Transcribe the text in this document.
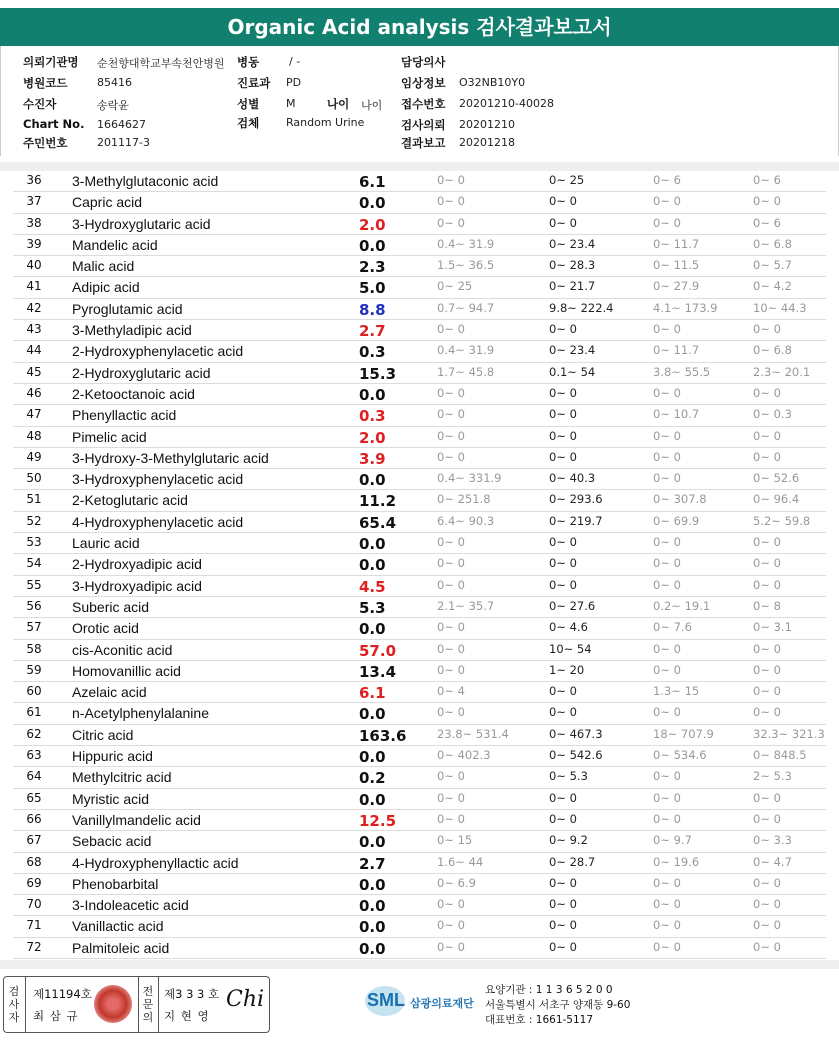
Organic Acid analysis 검사결과보고서
의뢰기관명 순천향대학교부속천안병원 병동	/ -	담당의사
병원코드	85416	진료과 PD	임상정보 O32NB10Y0
수진자	송락윤	성별 M	나이 나이 접수번호 20201210-40028
Chart No. 1664627	검체 Random Urine	검사의뢰 20201210
주민번호	201117-3	결과보고 20201218
36	3-Methylglutaconic acid	6.1	0~ 0	0~ 25	0~ 6	0~ 6
37	Capric acid	0.0	0~ 0	0~ 0	0~ 0	0~ 0
38	3-Hydroxyglutaric acid	2.0	0~ 0	0~ 0	0~ 0	0~ 6
39	Mandelic acid	0.0	0.4~ 31.9	0~ 23.4	0~ 11.7	0~ 6.8
40	Malic acid	2.3	1.5~ 36.5	0~ 28.3	0~ 11.5	0~ 5.7
41	Adipic acid	5.0	0~ 25	0~ 21.7	0~ 27.9	0~ 4.2
42	Pyroglutamic acid	8.8	0.7~ 94.7	9.8~ 222.4	4.1~ 173.9	10~ 44.3
43	3-Methyladipic acid	2.7	0~ 0	0~ 0	0~ 0	0~ 0
44	2-Hydroxyphenylacetic acid	0.3	0.4~ 31.9	0~ 23.4	0~ 11.7	0~ 6.8
45	2-Hydroxyglutaric acid	15.3	1.7~ 45.8	0.1~ 54	3.8~ 55.5	2.3~ 20.1
46	2-Ketooctanoic acid	0.0	0~ 0	0~ 0	0~ 0	0~ 0
47	Phenyllactic acid	0.3	0~ 0	0~ 0	0~ 10.7	0~ 0.3
48	Pimelic acid	2.0	0~ 0	0~ 0	0~ 0	0~ 0
49	3-Hydroxy-3-Methylglutaric acid	3.9	0~ 0	0~ 0	0~ 0	0~ 0
50	3-Hydroxyphenylacetic acid	0.0	0.4~ 331.9	0~ 40.3	0~ 0	0~ 52.6
51	2-Ketoglutaric acid	11.2	0~ 251.8	0~ 293.6	0~ 307.8	0~ 96.4
52	4-Hydroxyphenylacetic acid	65.4	6.4~ 90.3	0~ 219.7	0~ 69.9	5.2~ 59.8
53	Lauric acid	0.0	0~ 0	0~ 0	0~ 0	0~ 0
54	2-Hydroxyadipic acid	0.0	0~ 0	0~ 0	0~ 0	0~ 0
55	3-Hydroxyadipic acid	4.5	0~ 0	0~ 0	0~ 0	0~ 0
56	Suberic acid	5.3	2.1~ 35.7	0~ 27.6	0.2~ 19.1	0~ 8
57	Orotic acid	0.0	0~ 0	0~ 4.6	0~ 7.6	0~ 3.1
58	cis-Aconitic acid	57.0	0~ 0	10~ 54	0~ 0	0~ 0
59	Homovanillic acid	13.4	0~ 0	1~ 20	0~ 0	0~ 0
60	Azelaic acid	6.1	0~ 4	0~ 0	1.3~ 15	0~ 0
61	n-Acetylphenylalanine	0.0	0~ 0	0~ 0	0~ 0	0~ 0
62	Citric acid	163.6	23.8~ 531.4	0~ 467.3	18~ 707.9	32.3~ 321.3
63	Hippuric acid	0.0	0~ 402.3	0~ 542.6	0~ 534.6	0~ 848.5
64	Methylcitric acid	0.2	0~ 0	0~ 5.3	0~ 0	2~ 5.3
65	Myristic acid	0.0	0~ 0	0~ 0	0~ 0	0~ 0
66	Vanillylmandelic acid	12.5	0~ 0	0~ 0	0~ 0	0~ 0
67	Sebacic acid	0.0	0~ 15	0~ 9.2	0~ 9.7	0~ 3.3
68	4-Hydroxyphenyllactic acid	2.7	1.6~ 44	0~ 28.7	0~ 19.6	0~ 4.7
69	Phenobarbital	0.0	0~ 6.9	0~ 0	0~ 0	0~ 0
70	3-Indoleacetic acid	0.0	0~ 0	0~ 0	0~ 0	0~ 0
71	Vanillactic acid	0.0	0~ 0	0~ 0	0~ 0	0~ 0
72	Palmitoleic acid	0.0	0~ 0	0~ 0	0~ 0	0~ 0
검사자
제11194호
최 삼 규
전문의
제3 3 3 호
지 현 영
Chi	SML 삼광의료재단
요양기관 : 1 1 3 6 5 2 0 0
서울특별시 서초구 양재동 9-60
대표번호 : 1661-5117
